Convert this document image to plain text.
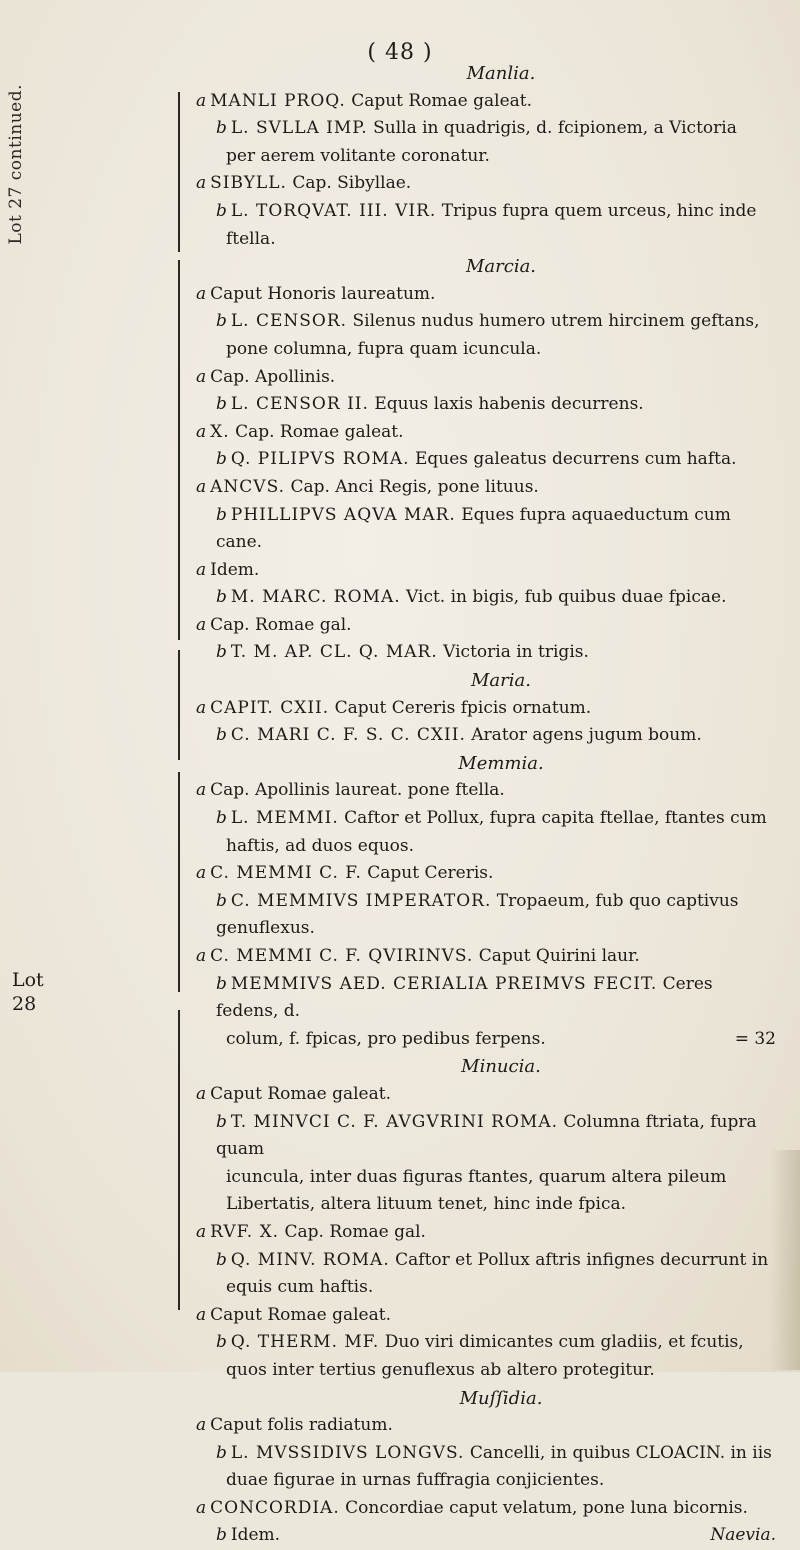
Lot 27 continued.
( 48 )
Lot
28
Manlia.
a MANLI PROQ. Caput Romae galeat.
b L. SVLLA IMP. Sulla in quadrigis, d. fcipionem, a Victoria
per aerem volitante coronatur.
a SIBYLL. Cap. Sibyllae.
b L. TORQVAT. III. VIR. Tripus fupra quem urceus, hinc inde
ftella.
Marcia.
a Caput Honoris laureatum.
b L. CENSOR. Silenus nudus humero utrem hircinem geftans,
pone columna, fupra quam icuncula.
a Cap. Apollinis.
b L. CENSOR II. Equus laxis habenis decurrens.
a X. Cap. Romae galeat.
b Q. PILIPVS ROMA. Eques galeatus decurrens cum hafta.
a ANCVS. Cap. Anci Regis, pone lituus.
b PHILLIPVS AQVA MAR. Eques fupra aquaeductum cum cane.
a Idem.
b M. MARC. ROMA. Vict. in bigis, fub quibus duae fpicae.
a Cap. Romae gal.
b T. M. AP. CL. Q. MAR. Victoria in trigis.
Maria.
a CAPIT. CXII. Caput Cereris fpicis ornatum.
b C. MARI C. F. S. C. CXII. Arator agens jugum boum.
Memmia.
a Cap. Apollinis laureat. pone ftella.
b L. MEMMI. Caftor et Pollux, fupra capita ftellae, ftantes cum
haftis, ad duos equos.
a C. MEMMI C. F. Caput Cereris.
b C. MEMMIVS IMPERATOR. Tropaeum, fub quo captivus genuflexus.
a C. MEMMI C. F. QVIRINVS. Caput Quirini laur.
b MEMMIVS AED. CERIALIA PREIMVS FECIT. Ceres fedens, d.
colum, f. fpicas, pro pedibus ferpens.	= 32
Minucia.
a Caput Romae galeat.
b T. MINVCI C. F. AVGVRINI ROMA. Columna ftriata, fupra quam
icuncula, inter duas figuras ftantes, quarum altera pileum
Libertatis, altera lituum tenet, hinc inde fpica.
a RVF. X. Cap. Romae gal.
b Q. MINV. ROMA. Caftor et Pollux aftris infignes decurrunt in
equis cum haftis.
a Caput Romae galeat.
b Q. THERM. MF. Duo viri dimicantes cum gladiis, et fcutis,
quos inter tertius genuflexus ab altero protegitur.
Muſſidia.
a Caput folis radiatum.
b L. MVSSIDIVS LONGVS. Cancelli, in quibus CLOACIN. in iis
duae figurae in urnas fuffragia conjicientes.
a CONCORDIA. Concordiae caput velatum, pone luna bicornis.
b Idem.	Naevia.
